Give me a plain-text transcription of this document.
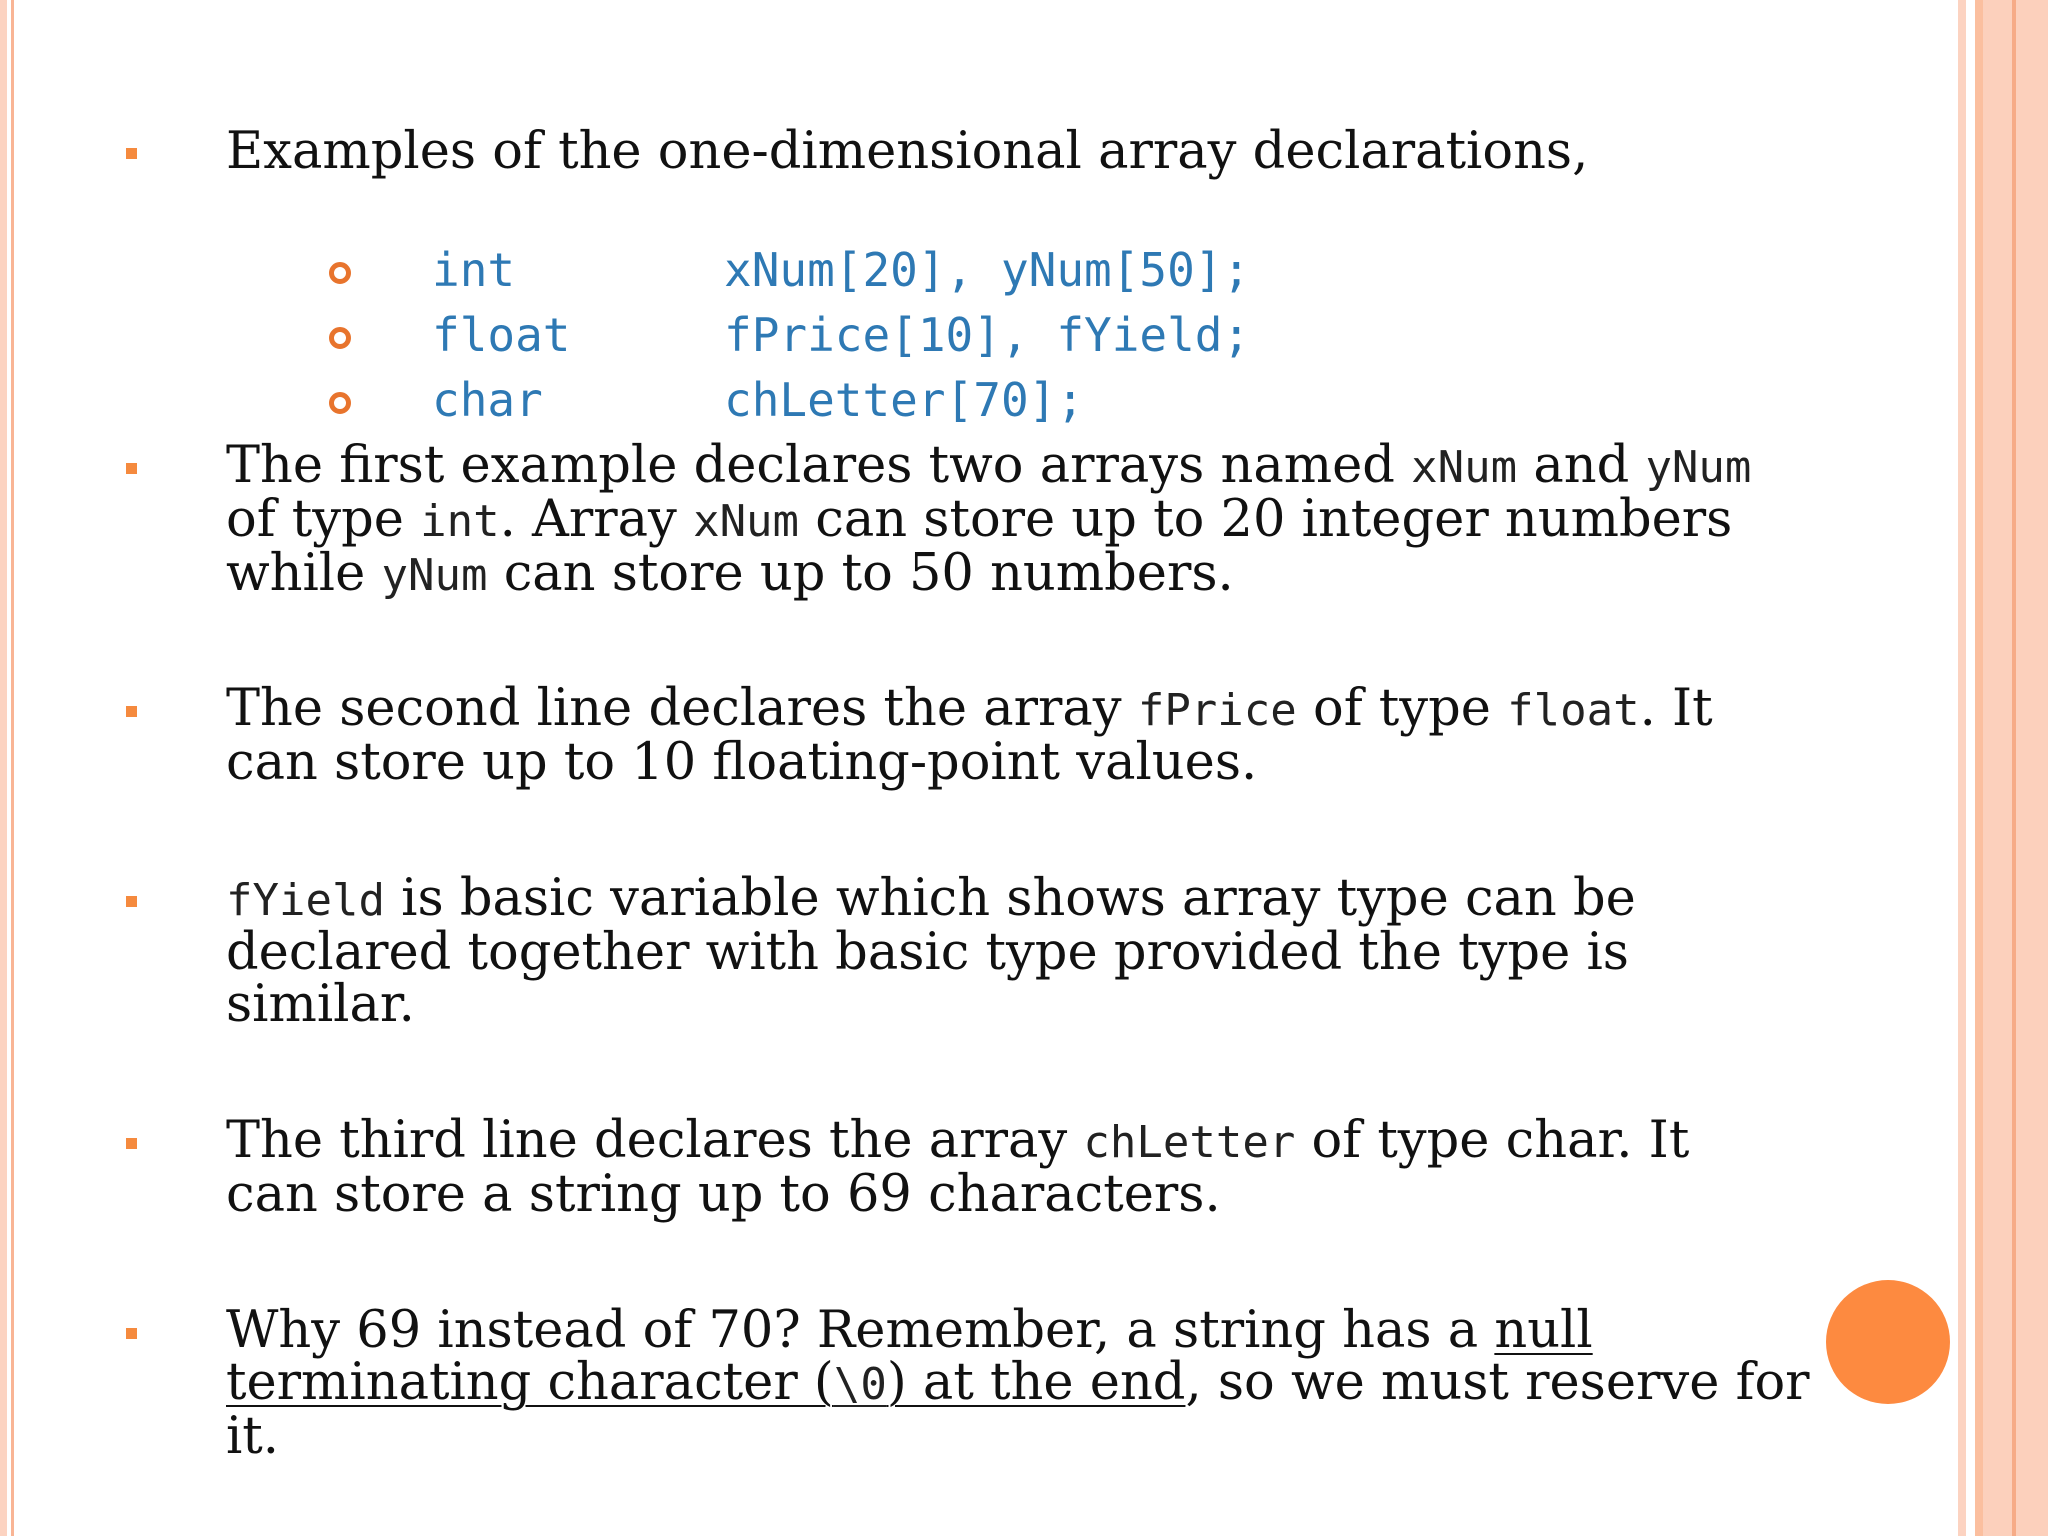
Examples of the one-dimensional array declarations,
int	xNum[20], yNum[50];
float	fPrice[10], fYield;
char	chLetter[70];
The first example declares two arrays named xNum and yNum
of type int. Array xNum can store up to 20 integer numbers
while yNum can store up to 50 numbers.
The second line declares the array fPrice of type float. It
can store up to 10 floating-point values.
fYield is basic variable which shows array type can be
declared together with basic type provided the type is
similar.
The third line declares the array chLetter of type char. It
can store a string up to 69 characters.
Why 69 instead of 70? Remember, a string has a null
terminating character (\0) at the end, so we must reserve for
it.
